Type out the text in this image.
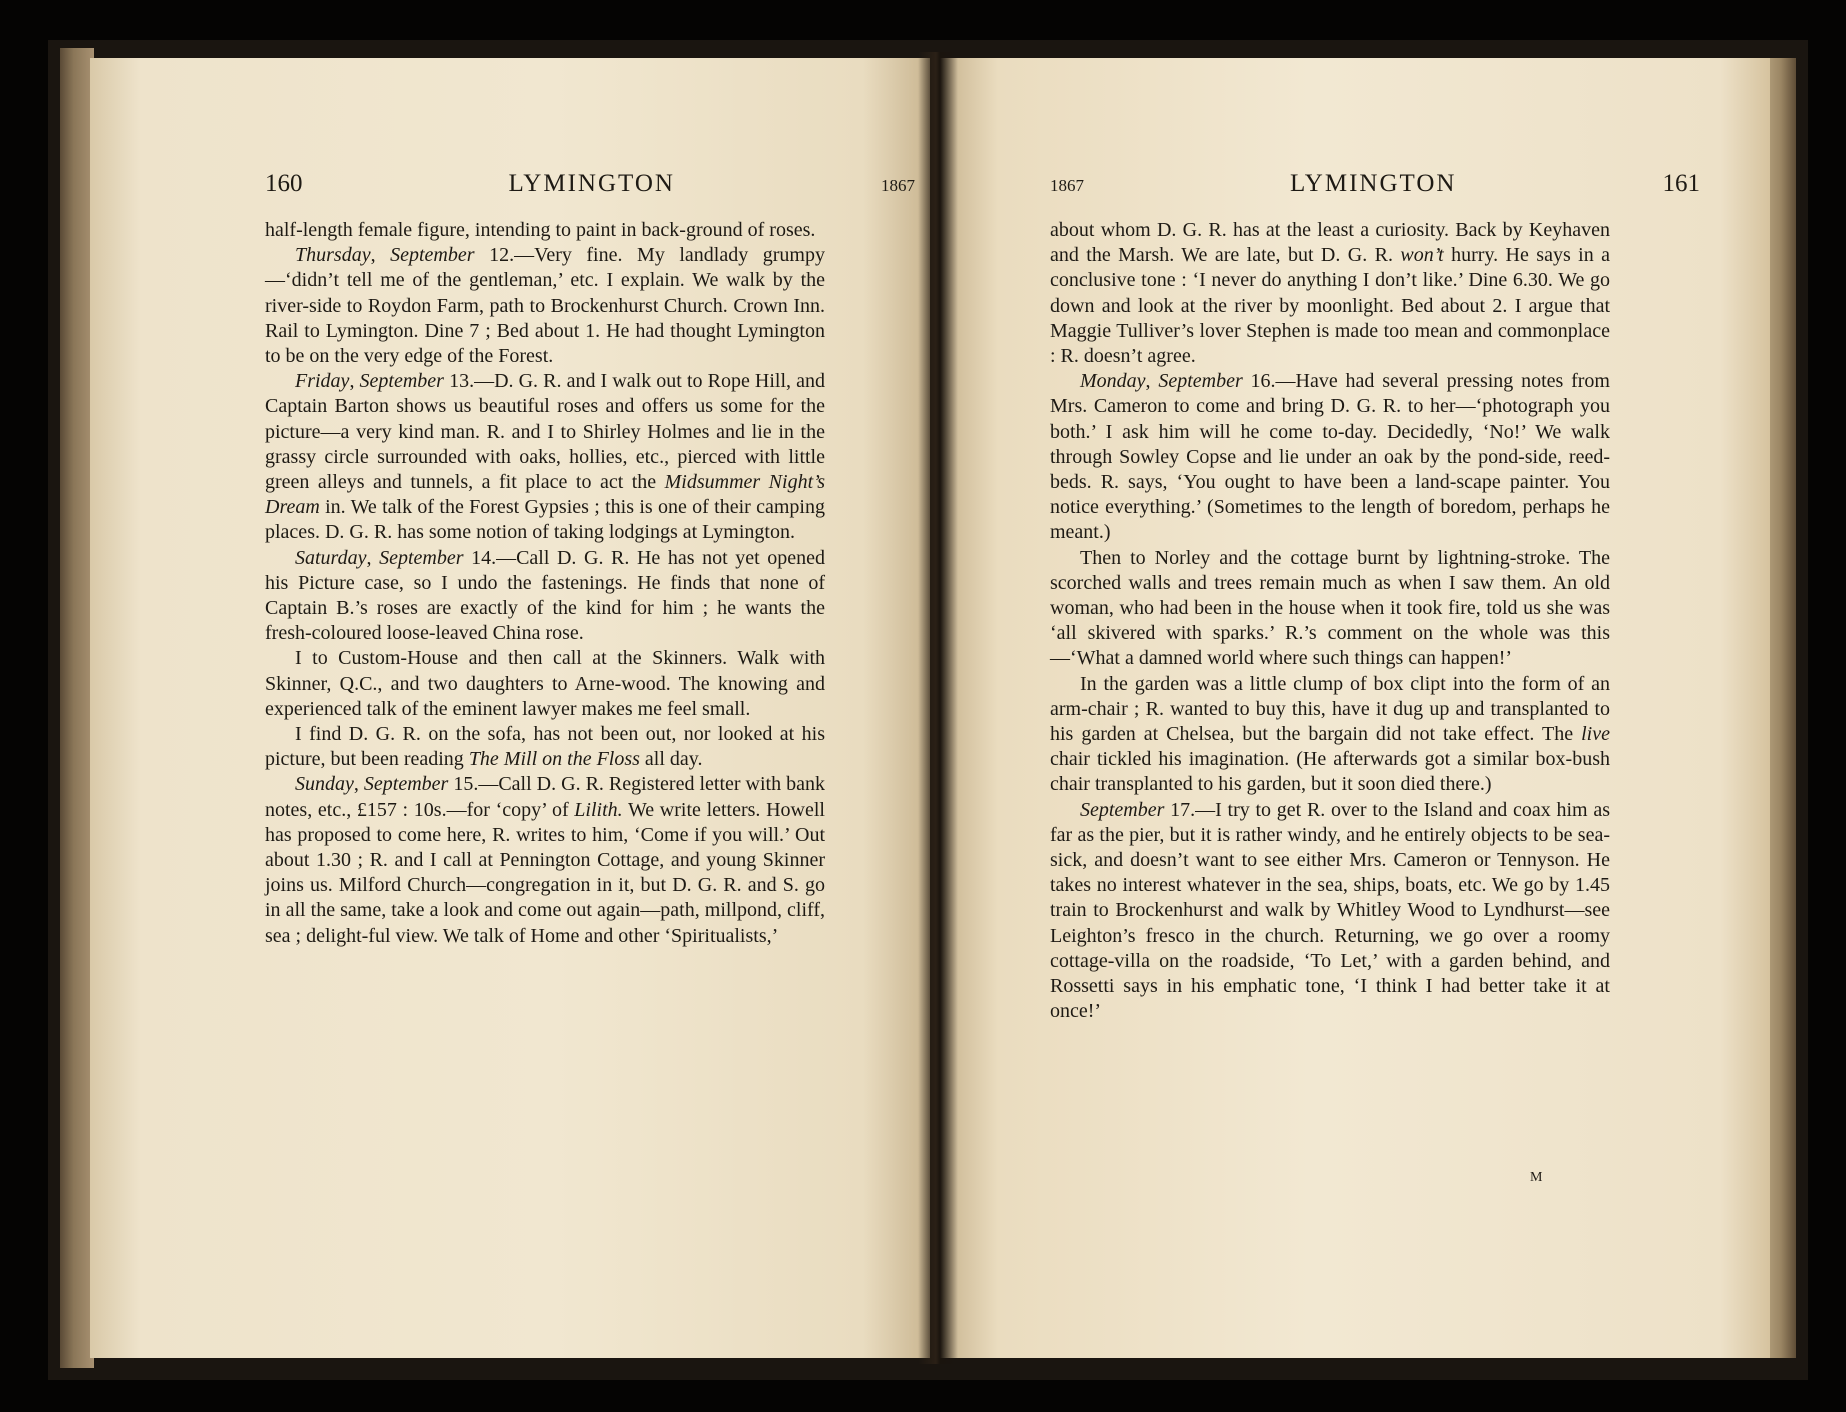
160	LYMINGTON	1867

half-length female figure, intending to paint in back-ground of roses.

Thursday, September 12.—Very fine. My landlady grumpy—‘didn’t tell me of the gentleman,’ etc. I explain. We walk by the river-side to Roydon Farm, path to Brockenhurst Church. Crown Inn. Rail to Lymington. Dine 7 ; Bed about 1. He had thought Lymington to be on the very edge of the Forest.

Friday, September 13.—D. G. R. and I walk out to Rope Hill, and Captain Barton shows us beautiful roses and offers us some for the picture—a very kind man. R. and I to Shirley Holmes and lie in the grassy circle surrounded with oaks, hollies, etc., pierced with little green alleys and tunnels, a fit place to act the Midsummer Night’s Dream in. We talk of the Forest Gypsies ; this is one of their camping places. D. G. R. has some notion of taking lodgings at Lymington.

Saturday, September 14.—Call D. G. R. He has not yet opened his Picture case, so I undo the fastenings. He finds that none of Captain B.’s roses are exactly of the kind for him ; he wants the fresh-coloured loose-leaved China rose.

I to Custom-House and then call at the Skinners. Walk with Skinner, Q.C., and two daughters to Arne-wood. The knowing and experienced talk of the eminent lawyer makes me feel small.

I find D. G. R. on the sofa, has not been out, nor looked at his picture, but been reading The Mill on the Floss all day.

Sunday, September 15.—Call D. G. R. Registered letter with bank notes, etc., £157 : 10s.—for ‘copy’ of Lilith. We write letters. Howell has proposed to come here, R. writes to him, ‘Come if you will.’ Out about 1.30 ; R. and I call at Pennington Cottage, and young Skinner joins us. Milford Church—congregation in it, but D. G. R. and S. go in all the same, take a look and come out again—path, millpond, cliff, sea ; delight-ful view. We talk of Home and other ‘Spiritualists,’

1867	LYMINGTON	161

about whom D. G. R. has at the least a curiosity. Back by Keyhaven and the Marsh. We are late, but D. G. R. won’t hurry. He says in a conclusive tone : ‘I never do anything I don’t like.’ Dine 6.30. We go down and look at the river by moonlight. Bed about 2. I argue that Maggie Tulliver’s lover Stephen is made too mean and commonplace : R. doesn’t agree.

Monday, September 16.—Have had several pressing notes from Mrs. Cameron to come and bring D. G. R. to her—‘photograph you both.’ I ask him will he come to-day. Decidedly, ‘No!’ We walk through Sowley Copse and lie under an oak by the pond-side, reed-beds. R. says, ‘You ought to have been a land-scape painter. You notice everything.’ (Sometimes to the length of boredom, perhaps he meant.)

Then to Norley and the cottage burnt by lightning-stroke. The scorched walls and trees remain much as when I saw them. An old woman, who had been in the house when it took fire, told us she was ‘all skivered with sparks.’ R.’s comment on the whole was this—‘What a damned world where such things can happen!’

In the garden was a little clump of box clipt into the form of an arm-chair ; R. wanted to buy this, have it dug up and transplanted to his garden at Chelsea, but the bargain did not take effect. The live chair tickled his imagination. (He afterwards got a similar box-bush chair transplanted to his garden, but it soon died there.)

September 17.—I try to get R. over to the Island and coax him as far as the pier, but it is rather windy, and he entirely objects to be sea-sick, and doesn’t want to see either Mrs. Cameron or Tennyson. He takes no interest whatever in the sea, ships, boats, etc. We go by 1.45 train to Brockenhurst and walk by Whitley Wood to Lyndhurst—see Leighton’s fresco in the church. Returning, we go over a roomy cottage-villa on the roadside, ‘To Let,’ with a garden behind, and Rossetti says in his emphatic tone, ‘I think I had better take it at once!’

M
